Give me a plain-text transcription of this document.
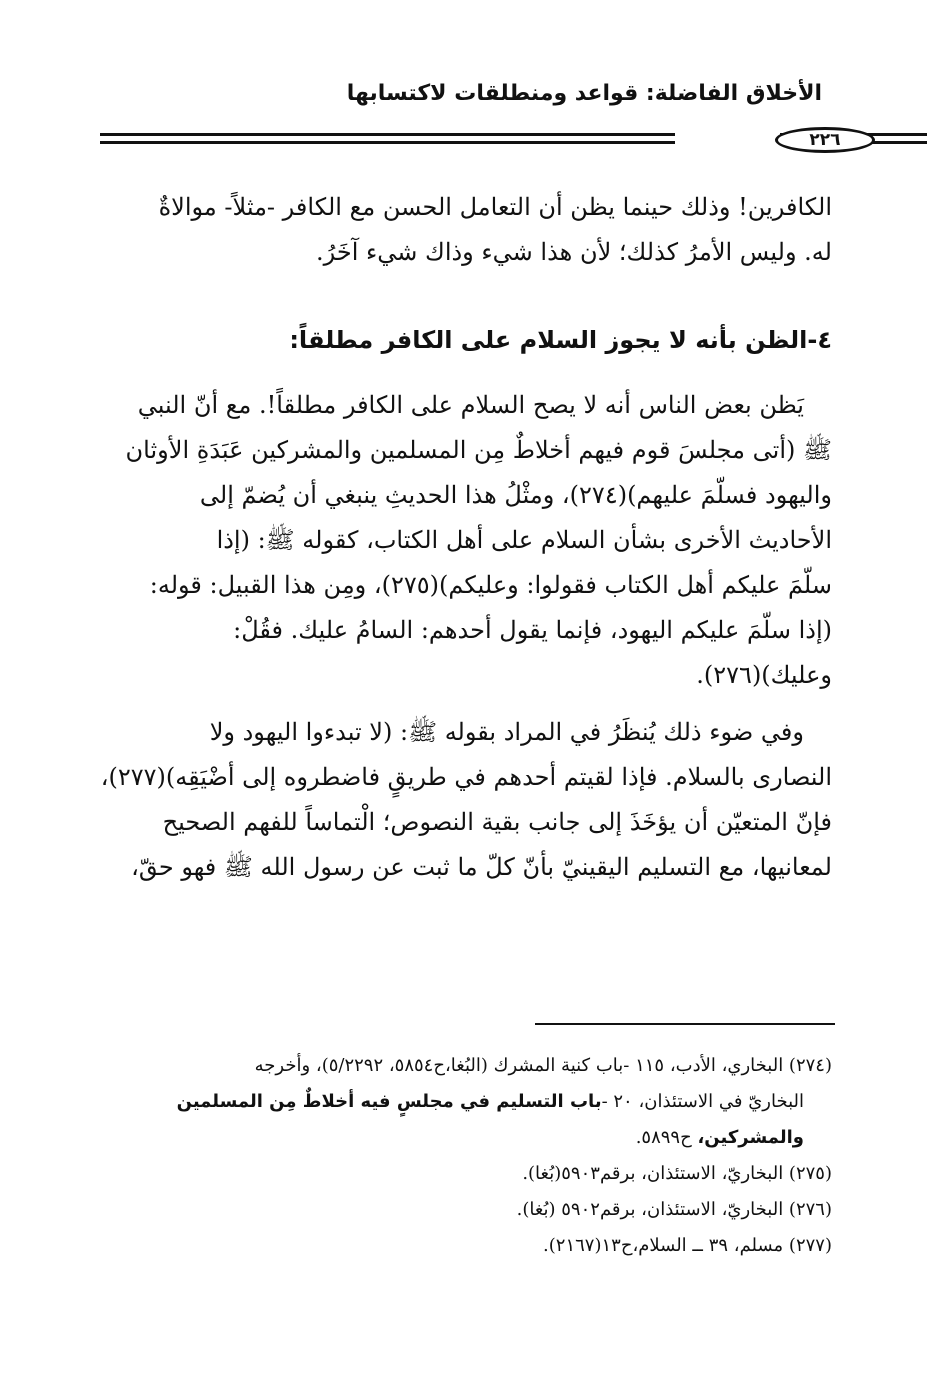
الأخلاق الفاضلة: قواعد ومنطلقات لاكتسابها
٢٢٦
الكافرين! وذلك حينما يظن أن التعامل الحسن مع الكافر -مثلاً- موالاةٌ
له. وليس الأمرُ كذلك؛ لأن هذا شيء وذاك شيء آخَرُ.
٤-الظن بأنه لا يجوز السلام على الكافر مطلقاً:
يَظن بعض الناس أنه لا يصح السلام على الكافر مطلقاً!. مع أنّ النبي
ﷺ (أتى مجلسَ قوم فيهم أخلاطٌ مِن المسلمين والمشركين عَبَدَةِ الأوثان
واليهود فسلّمَ عليهم)(٢٧٤)، ومثْلُ هذا الحديثِ ينبغي أن يُضمّ إلى
الأحاديث الأخرى بشأن السلام على أهل الكتاب، كقوله ﷺ: (إذا
سلّمَ عليكم أهل الكتاب فقولوا: وعليكم)(٢٧٥)، ومِن هذا القبيل: قوله:
(إذا سلّمَ عليكم اليهود، فإنما يقول أحدهم: السامُ عليك. فقُلْ:
وعليك)(٢٧٦).
وفي ضوء ذلك يُنظَرُ في المراد بقوله ﷺ: (لا تبدءوا اليهود ولا
النصارى بالسلام. فإذا لقيتم أحدهم في طريقٍ فاضطروه إلى أضْيَقِه)(٢٧٧)،
فإنّ المتعيّن أن يؤخَذَ إلى جانب بقية النصوص؛ الْتماساً للفهم الصحيح
لمعانيها، مع التسليم اليقينيّ بأنّ كلّ ما ثبت عن رسول الله ﷺ فهو حقّ،
(٢٧٤) البخاري، الأدب، ١١٥ -باب كنية المشرك (البُغا،ح٥٨٥٤، ٥/٢٢٩٢)، وأخرجه
البخاريّ في الاستئذان، ٢٠ -باب التسليم في مجلسٍ فيه أخلاطٌ مِن المسلمين
والمشركين، ح٥٨٩٩.
(٢٧٥) البخاريّ، الاستئذان، برقم٥٩٠٣(بُغا).
(٢٧٦) البخاريّ، الاستئذان، برقم٥٩٠٢ (بُغا).
(٢٧٧) مسلم، ٣٩ ــ السلام،ح١٣(٢١٦٧).
